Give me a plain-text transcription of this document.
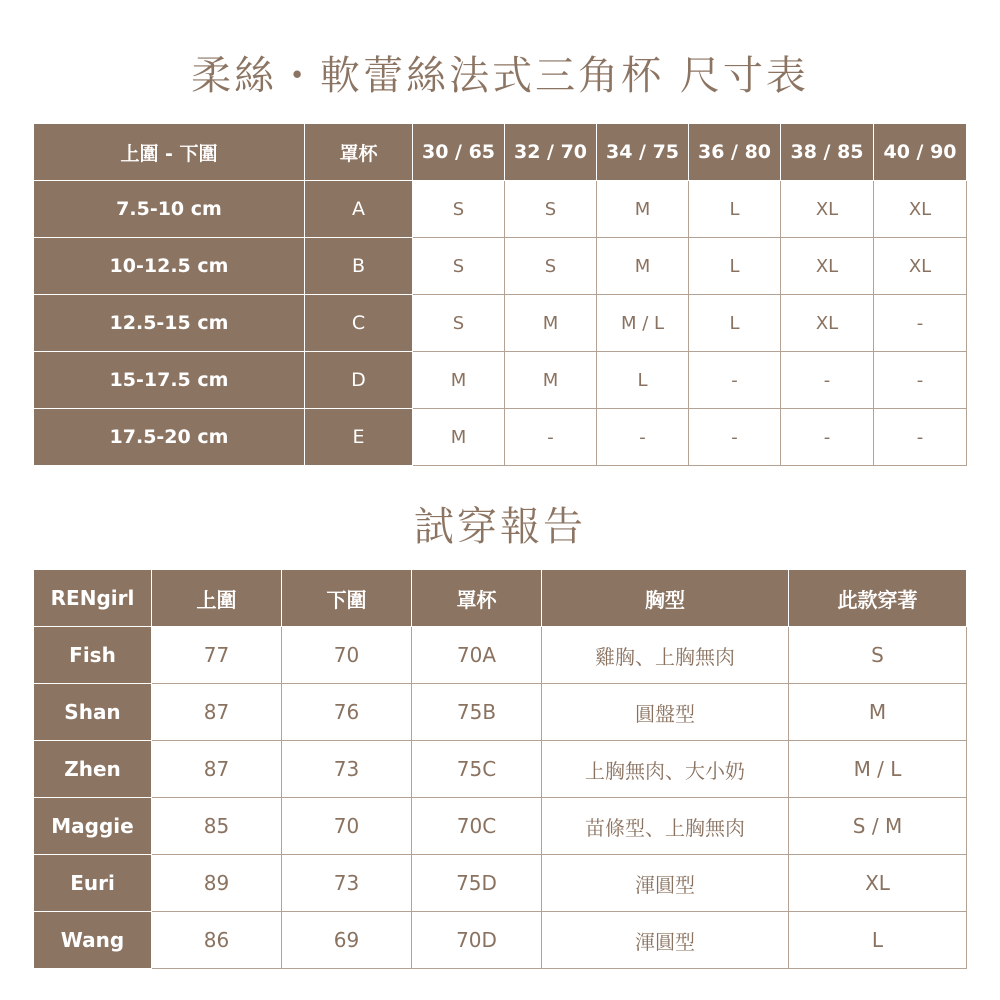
柔絲・軟蕾絲法式三角杯 尺寸表
上圍 - 下圍	罩杯	30 / 65	32 / 70	34 / 75	36 / 80	38 / 85	40 / 90
7.5-10 cm	A	S	S	M	L	XL	XL
10-12.5 cm	B	S	S	M	L	XL	XL
12.5-15 cm	C	S	M	M / L	L	XL	-
15-17.5 cm	D	M	M	L	-	-	-
17.5-20 cm	E	M	-	-	-	-	-
試穿報告
RENgirl	上圍	下圍	罩杯	胸型	此款穿著
Fish	77	70	70A	雞胸、上胸無肉	S
Shan	87	76	75B	圓盤型	M
Zhen	87	73	75C	上胸無肉、大小奶	M / L
Maggie	85	70	70C	苗條型、上胸無肉	S / M
Euri	89	73	75D	渾圓型	XL
Wang	86	69	70D	渾圓型	L
